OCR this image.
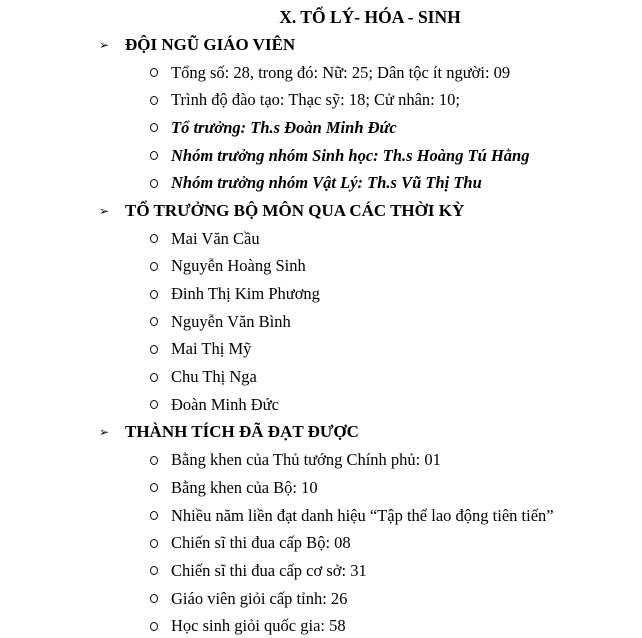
X. TỔ LÝ- HÓA - SINH
➢ ĐỘI NGŨ GIÁO VIÊN
Tổng số: 28, trong đó: Nữ: 25; Dân tộc ít người: 09
Trình độ đào tạo: Thạc sỹ: 18; Cử nhân: 10;
Tổ trưởng: Th.s Đoàn Minh Đức
Nhóm trưởng nhóm Sinh học: Th.s Hoàng Tú Hằng
Nhóm trưởng nhóm Vật Lý: Th.s Vũ Thị Thu
➢ TỔ TRƯỞNG BỘ MÔN QUA CÁC THỜI KỲ
Mai Văn Cầu
Nguyễn Hoàng Sinh
Đinh Thị Kim Phương
Nguyễn Văn Bình
Mai Thị Mỹ
Chu Thị Nga
Đoàn Minh Đức
➢ THÀNH TÍCH ĐÃ ĐẠT ĐƯỢC
Bằng khen của Thủ tướng Chính phủ: 01
Bằng khen của Bộ: 10
Nhiều năm liền đạt danh hiệu “Tập thể lao động tiên tiến”
Chiến sĩ thi đua cấp Bộ: 08
Chiến sĩ thi đua cấp cơ sở: 31
Giáo viên giỏi cấp tỉnh: 26
Học sinh giỏi quốc gia: 58
